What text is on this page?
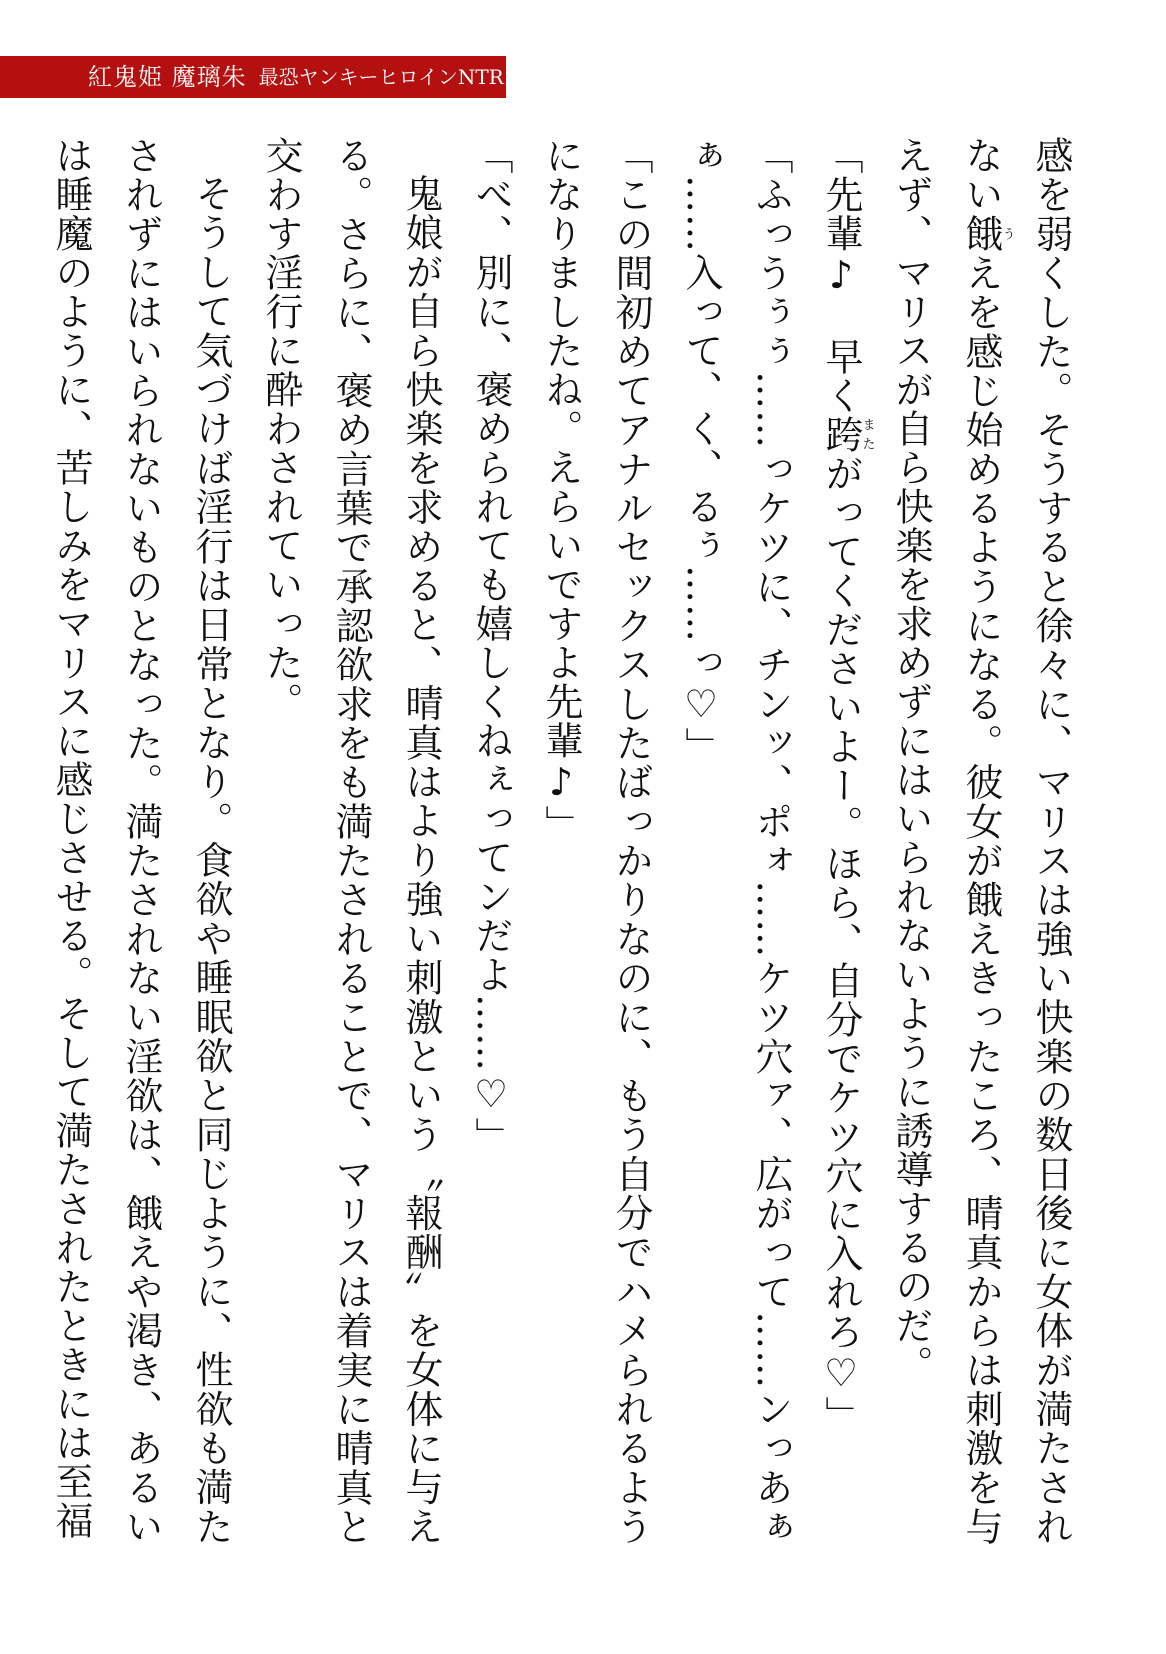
紅鬼姫 魔璃朱 最恐ヤンキーヒロインNTR

感を弱くした。そうすると徐々に、マリスは強い快楽の数日後に女体が満たされない餓うえを感じ始めるようになる。彼女が餓えきったころ、晴真からは刺激を与えず、マリスが自ら快楽を求めずにはいられないように誘導するのだ。

「先輩♪　早く跨またがってくださいよー。ほら、自分でケツ穴に入れろ♡」

「ふっうぅぅ……っケツに、チンッ、ポォ……ケツ穴ァ、広がって……ンっあぁぁ……入って、く、るぅ……っ♡」

「この間初めてアナルセックスしたばっかりなのに、もう自分でハメられるようになりましたね。えらいですよ先輩♪」

「べ、別に、褒められても嬉しくねぇってンだよ……♡」

鬼娘が自ら快楽を求めると、晴真はより強い刺激という〝報酬〟を女体に与える。さらに、褒め言葉で承認欲求をも満たされることで、マリスは着実に晴真と交わす淫行に酔わされていった。

そうして気づけば淫行は日常となり。食欲や睡眠欲と同じように、性欲も満たされずにはいられないものとなった。満たされない淫欲は、餓えや渇き、あるいは睡魔のように、苦しみをマリスに感じさせる。そして満たされたときには至福
